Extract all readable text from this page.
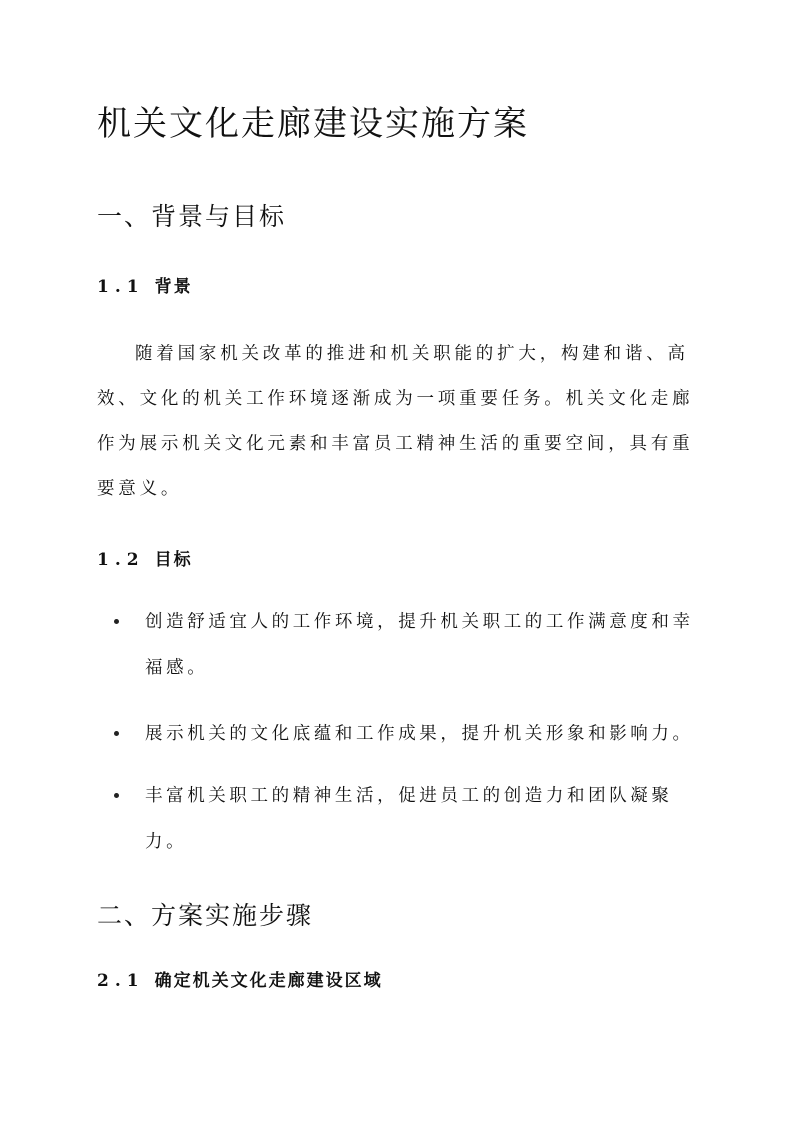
机关文化走廊建设实施方案
一、背景与目标
1.1 背景

随着国家机关改革的推进和机关职能的扩大，构建和谐、高效、文化的机关工作环境逐渐成为一项重要任务。机关文化走廊作为展示机关文化元素和丰富员工精神生活的重要空间，具有重要意义。

1.2 目标
创造舒适宜人的工作环境，提升机关职工的工作满意度和幸福感。
展示机关的文化底蕴和工作成果，提升机关形象和影响力。
丰富机关职工的精神生活，促进员工的创造力和团队凝聚力。
二、方案实施步骤
2.1 确定机关文化走廊建设区域
